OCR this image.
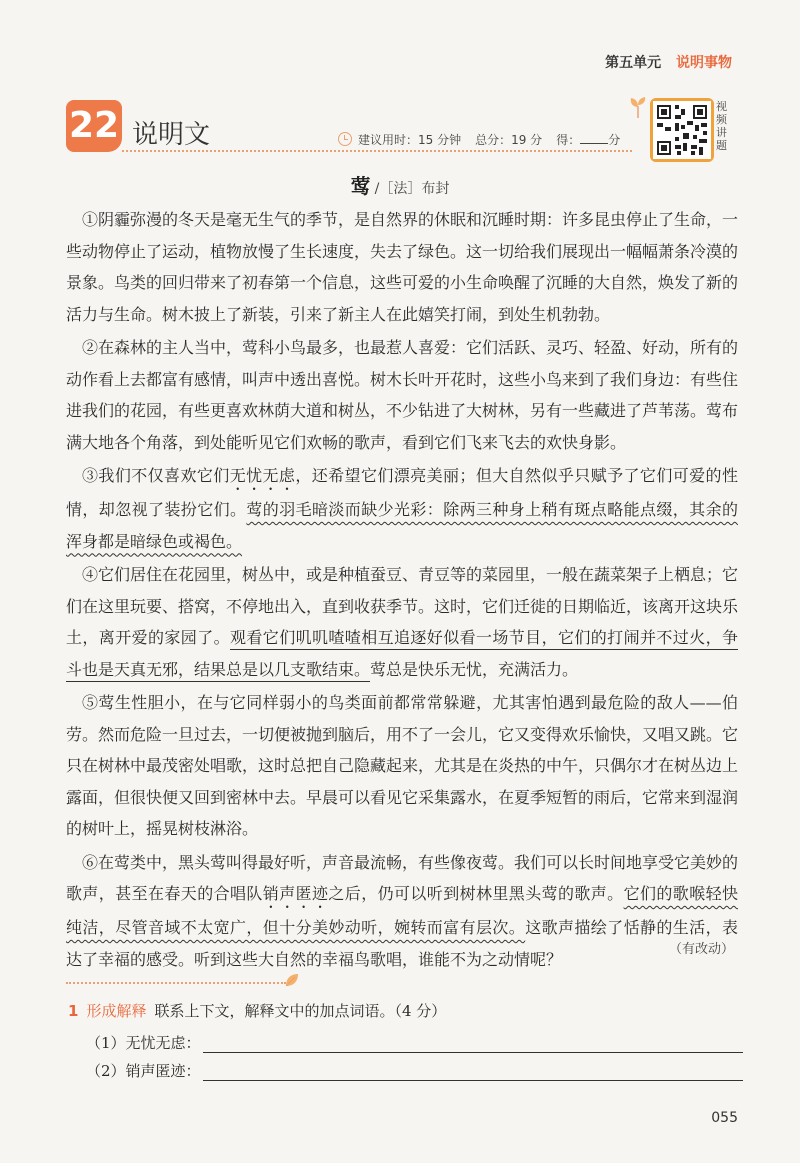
第五单元 说明事物
22 说明文	建议用时：15 分钟 总分：19 分 得： 分
视频讲题
莺 /［法］布封

①阴霾弥漫的冬天是毫无生气的季节，是自然界的休眠和沉睡时期：许多昆虫停止了生命，一些动物停止了运动，植物放慢了生长速度，失去了绿色。这一切给我们展现出一幅幅萧条冷漠的景象。鸟类的回归带来了初春第一个信息，这些可爱的小生命唤醒了沉睡的大自然，焕发了新的活力与生命。树木披上了新装，引来了新主人在此嬉笑打闹，到处生机勃勃。

②在森林的主人当中，莺科小鸟最多，也最惹人喜爱：它们活跃、灵巧、轻盈、好动，所有的动作看上去都富有感情，叫声中透出喜悦。树木长叶开花时，这些小鸟来到了我们身边：有些住进我们的花园，有些更喜欢林荫大道和树丛，不少钻进了大树林，另有一些藏进了芦苇荡。莺布满大地各个角落，到处能听见它们欢畅的歌声，看到它们飞来飞去的欢快身影。

③我们不仅喜欢它们无忧无虑，还希望它们漂亮美丽；但大自然似乎只赋予了它们可爱的性情，却忽视了装扮它们。莺的羽毛暗淡而缺少光彩：除两三种身上稍有斑点略能点缀，其余的浑身都是暗绿色或褐色。

④它们居住在花园里，树丛中，或是种植蚕豆、青豆等的菜园里，一般在蔬菜架子上栖息；它们在这里玩要、搭窝，不停地出入，直到收获季节。这时，它们迁徙的日期临近，该离开这块乐土，离开爱的家园了。观看它们叽叽喳喳相互追逐好似看一场节目，它们的打闹并不过火，争斗也是天真无邪，结果总是以几支歌结束。莺总是快乐无忧，充满活力。

⑤莺生性胆小，在与它同样弱小的鸟类面前都常常躲避，尤其害怕遇到最危险的敌人——伯劳。然而危险一旦过去，一切便被抛到脑后，用不了一会儿，它又变得欢乐愉快，又唱又跳。它只在树林中最茂密处唱歌，这时总把自己隐藏起来，尤其是在炎热的中午，只偶尔才在树丛边上露面，但很快便又回到密林中去。早晨可以看见它采集露水，在夏季短暂的雨后，它常来到湿润的树叶上，摇晃树枝淋浴。

⑥在莺类中，黑头莺叫得最好听，声音最流畅，有些像夜莺。我们可以长时间地享受它美妙的歌声，甚至在春天的合唱队销声匿迹之后，仍可以听到树林里黑头莺的歌声。它们的歌喉轻快纯洁，尽管音域不太宽广，但十分美妙动听，婉转而富有层次。这歌声描绘了恬静的生活，表达了幸福的感受。听到这些大自然的幸福鸟歌唱，谁能不为之动情呢？	（有改动）
1 形成解释 联系上下文，解释文中的加点词语。（4 分）
（1）无忧无虑：
（2）销声匿迹：
055
